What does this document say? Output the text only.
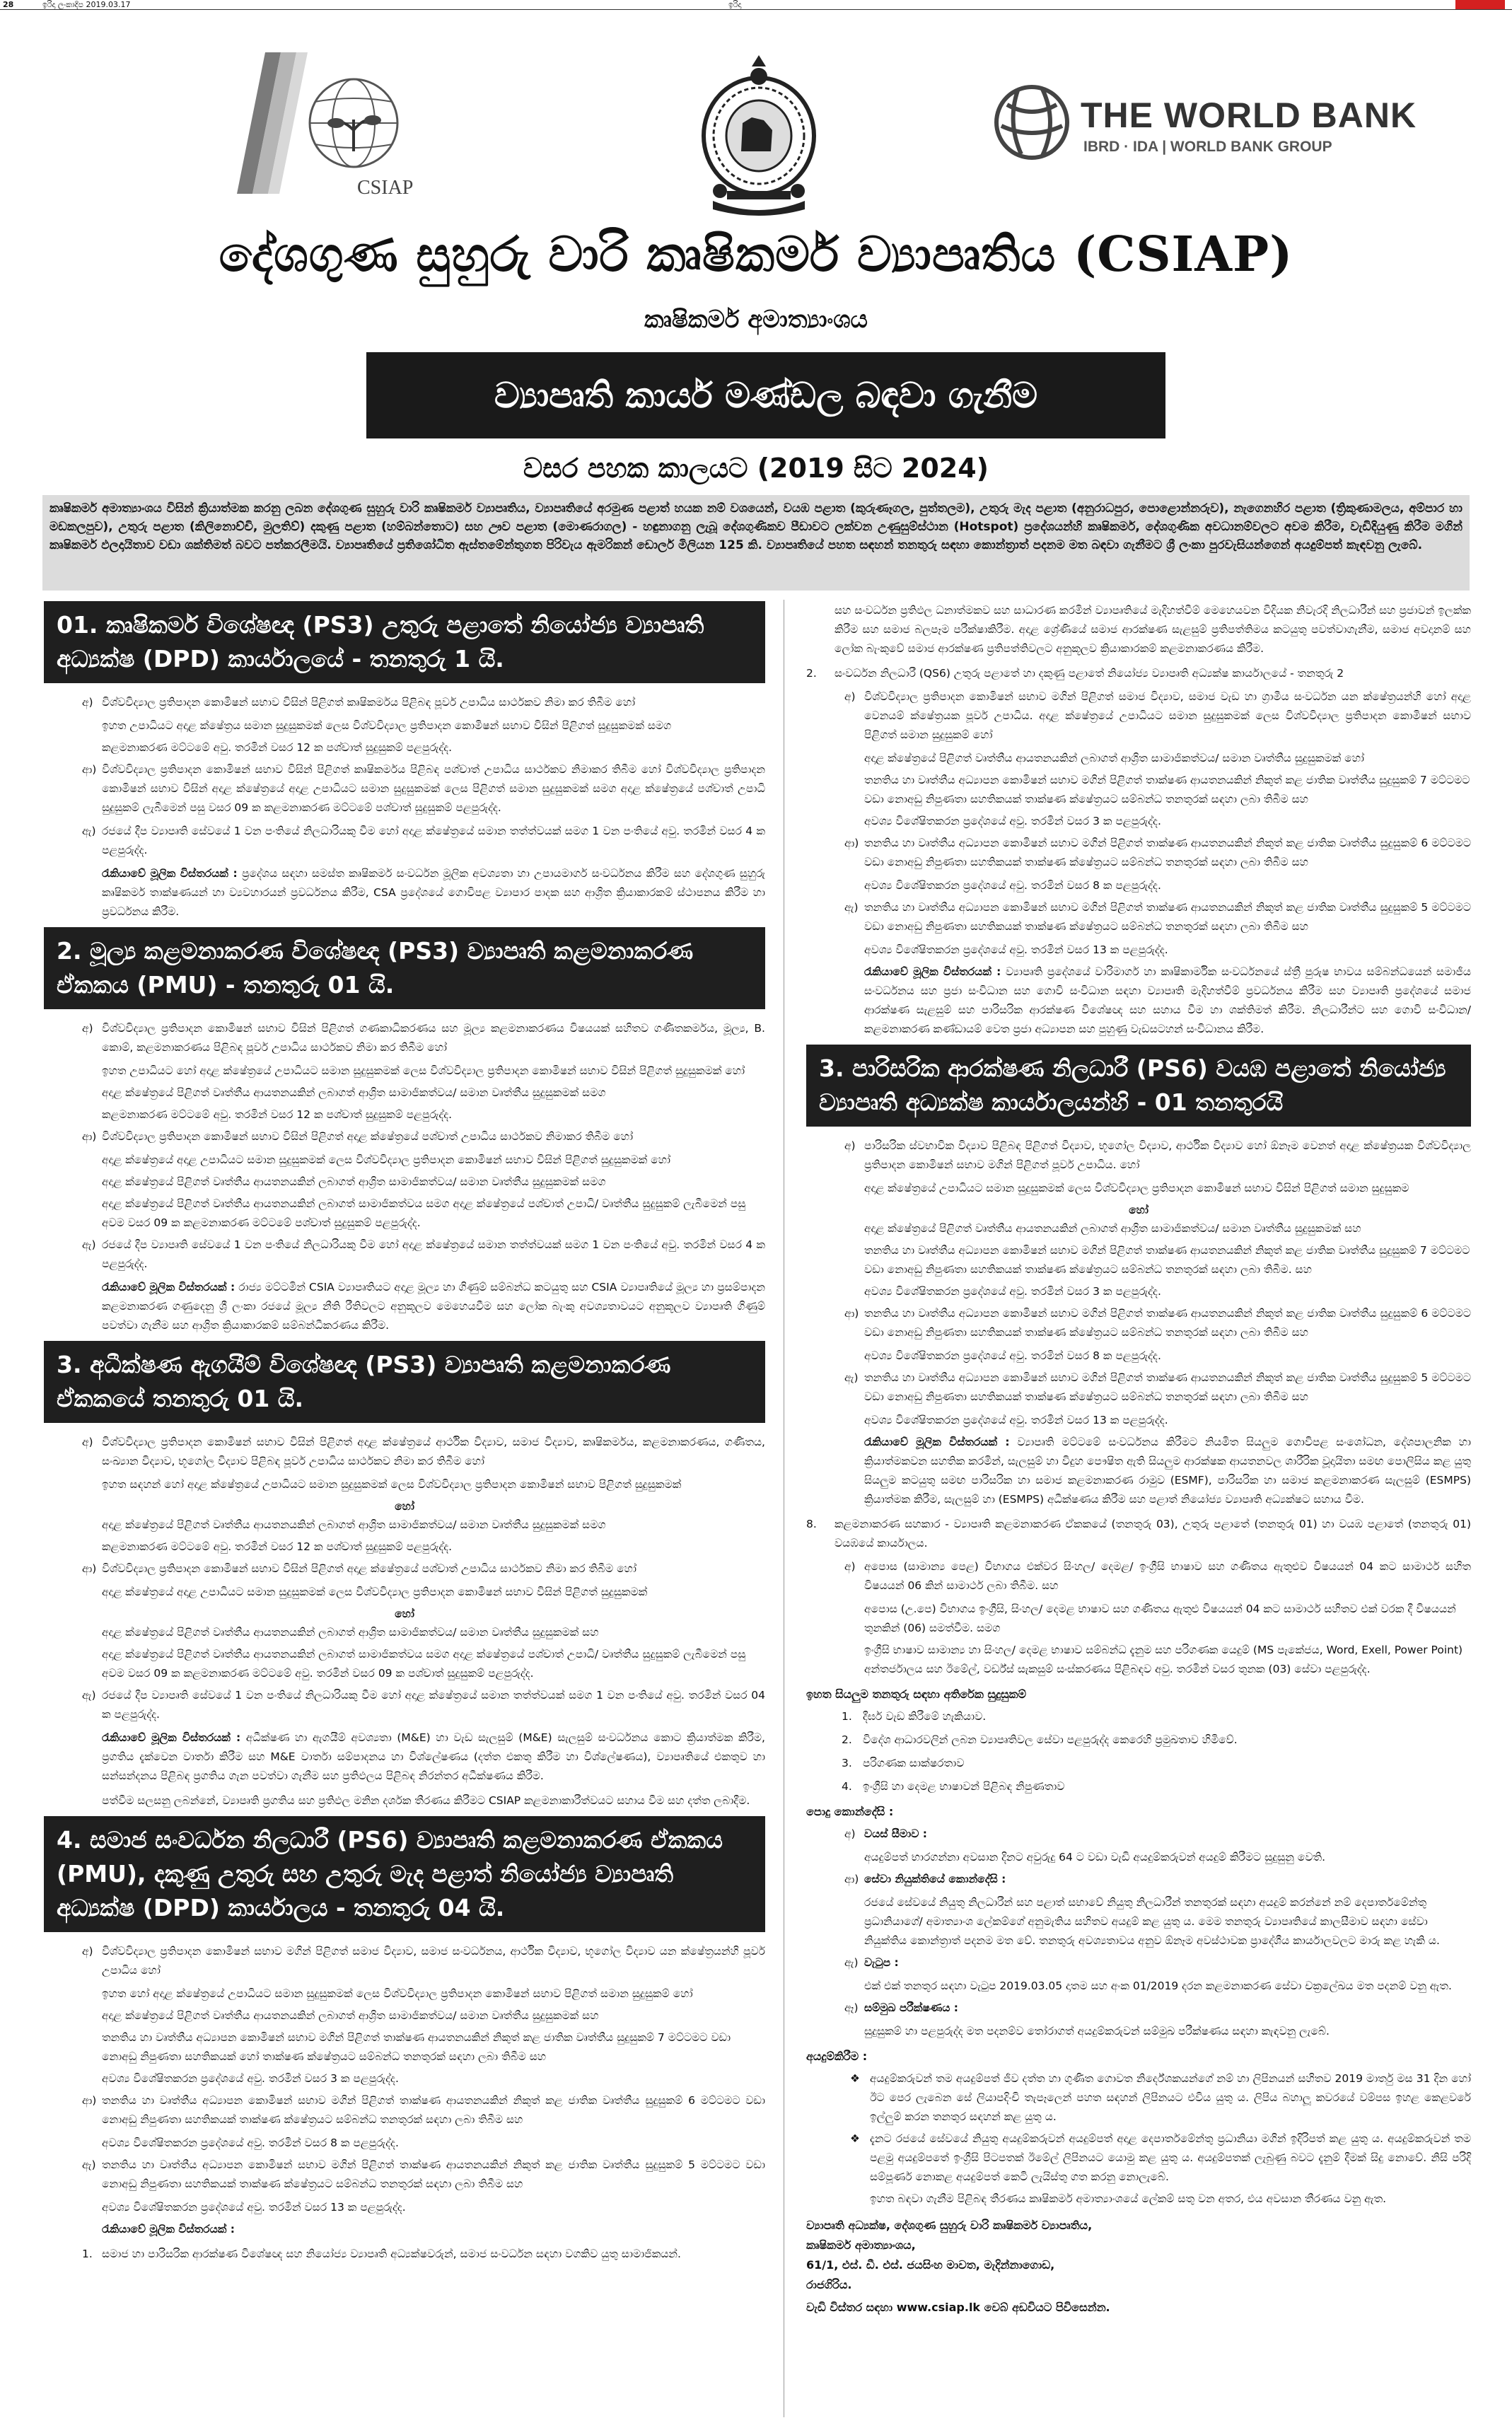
28	ඉරිදා ලංකාදීප 2019.03.17	ඉරිදා
CSIAP
THE WORLD BANK
IBRD · IDA | WORLD BANK GROUP
දේශගුණ සුහුරු වාරි කෘෂිකර්ම ව්‍යාපෘතිය (CSIAP)
කෘෂිකර්ම අමාත්‍යාංශය
ව්‍යාපෘති කාර්ය මණ්ඩල බඳවා ගැනීම
වසර පහක කාලයට (2019 සිට 2024)
කෘෂිකර්ම අමාත්‍යාංශය විසින් ක්‍රියාත්මක කරනු ලබන දේශගුණ සුහුරු වාරි කෘෂිකර්ම ව්‍යාපෘතිය, ව්‍යාපෘතියේ අරමුණ පළාත් හයක නම් වශයෙන්, වයඹ පළාත (කුරුණෑගල, පුත්තලම), උතුරු මැද පළාත (අනුරාධපුර, පොළොන්නරුව), නැගෙනහිර පළාත (ත්‍රිකුණාමලය, අම්පාර හා මඩකලපුව), උතුරු පළාත (කිලිනොච්චි, මුලතිව්) දකුණු පළාත (හම්බන්තොට) සහ ඌව පළාත (මොණරාගල) - හඳුනාගනු ලැබූ දේශගුණිකව පීඩාවට ලක්වන උණුසුම්ස්ථාන (Hotspot) ප්‍රදේශයන්හි කෘෂිකර්ම, දේශගුණික අවධානම්වලට අවම කිරීම, වැඩිදියුණු කිරීම මගින් කෘෂිකර්ම ඵලදායිතාව වඩා ශක්තිමත් බවට පත්කරලීමයි. ව්‍යාපෘතියේ ප්‍රතිශෝධිත ඇස්තමේන්තුගත පිරිවැය ඇමරිකන් ඩොලර් මිලියන 125 කි. ව්‍යාපෘතියේ පහත සඳහන් තනතුරු සඳහා කොන්ත්‍රාත් පදනම මත බඳවා ගැනීමට ශ්‍රී ලංකා පුරවැසියන්ගෙන් අයදුම්පත් කැඳවනු ලැබේ.
01. කෘෂිකර්ම විශේෂඥ (PS3) උතුරු පළාතේ නියෝජ්‍ය ව්‍යාපෘති අධ්‍යක්ෂ (DPD) කාර්යාලයේ - තනතුරු 1 යි.
අ) විශ්වවිද්‍යාල ප්‍රතිපාදන කොමිෂන් සභාව විසින් පිළිගත් කෘෂිකර්මය පිළිබඳ පූර්ව උපාධිය සාර්ථකව නිමා කර තිබීම හෝ
ඉහත උපාධියට අදාළ ක්ෂේත්‍රය සමාන සුදුසුකමක් ලෙස විශ්වවිද්‍යාල ප්‍රතිපාදන කොමිෂන් සභාව විසින් පිළිගත් සුදුසුකමක් සමග
කළමනාකරණ මට්ටමේ අවු. තරමින් වසර 12 ක පශ්චාත් සුදුසුකම් පළපුරුද්ද.
ආ) විශ්වවිද්‍යාල ප්‍රතිපාදන කොමිෂන් සභාව විසින් පිළිගත් කෘෂිකර්මය පිළිබඳ පශ්චාත් උපාධිය සාර්ථකව නිමාකර තිබීම හෝ විශ්වවිද්‍යාල ප්‍රතිපාදන කොමිෂන් සභාව විසින් අදාළ ක්ෂේත්‍රයේ අදාළ උපාධියට සමාන සුදුසුකමක් ලෙස පිළිගත් සමාන සුදුසුකමක් සමග අදාළ ක්ෂේත්‍රයේ පශ්චාත් උපාධි සුදුසුකම් ලැබීමෙන් පසු වසර 09 ක කළමනාකරණ මට්ටමේ පශ්චාත් සුදුසුකම් පළපුරුද්ද.
ඇ) රජයේ දීප ව්‍යාපෘති සේවයේ 1 වන පංතියේ නිලධාරියකු වීම හෝ අදාළ ක්ෂේත්‍රයේ සමාන තත්ත්වයක් සමග 1 වන පංතියේ අවු. තරමින් වසර 4 ක පළපුරුද්ද.
රැකියාවේ මූලික විස්තරයක් : ප්‍රදේශය සඳහා සමස්ත කෘෂිකර්ම සංවර්ධන මූලික අවශ්‍යතා හා උපායමාර්ග සංවර්ධනය කිරීම සහ දේශගුණ සුහුරු කෘෂිකර්ම තාක්ෂණයන් හා ව්‍යවහාරයන් ප්‍රවර්ධනය කිරීම, CSA ප්‍රදේශයේ ගොවිපළ ව්‍යාපාර පාදක සහ ආශ්‍රිත ක්‍රියාකාරකම් ස්ථාපනය කිරීම හා ප්‍රවර්ධනය කිරීම.
2. මූල්‍ය කළමනාකරණ විශේෂඥ (PS3) ව්‍යාපෘති කළමනාකරණ ඒකකය (PMU) - තනතුරු 01 යි.
අ) විශ්වවිද්‍යාල ප්‍රතිපාදන කොමිෂන් සභාව විසින් පිළිගත් ගණකාධිකරණය සහ මූල්‍ය කළමනාකරණය විෂයයක් සහිතව ගණිතකර්මය, මූල්‍ය, B. කොම්, කළමනාකරණය පිළිබඳ පූර්ව උපාධිය සාර්ථකව නිමා කර තිබීම හෝ
ඉහත උපාධියට හෝ අදාළ ක්ෂේත්‍රයේ උපාධියට සමාන සුදුසුකමක් ලෙස විශ්වවිද්‍යාල ප්‍රතිපාදන කොමිෂන් සභාව විසින් පිළිගත් සුදුසුකමක් හෝ
අදාළ ක්ෂේත්‍රයේ පිළිගත් වෘත්තීය ආයතනයකින් ලබාගත් ආශ්‍රිත සාමාජිකත්වය/ සමාන වෘත්තීය සුදුසුකමක් සමග
කළමනාකරණ මට්ටමේ අවු. තරමින් වසර 12 ක පශ්චාත් සුදුසුකම් පළපුරුද්ද.
ආ) විශ්වවිද්‍යාල ප්‍රතිපාදන කොමිෂන් සභාව විසින් පිළිගත් අදාළ ක්ෂේත්‍රයේ පශ්චාත් උපාධිය සාර්ථකව නිමාකර තිබීම හෝ
අදාළ ක්ෂේත්‍රයේ අදාළ උපාධියට සමාන සුදුසුකමක් ලෙස විශ්වවිද්‍යාල ප්‍රතිපාදන කොමිෂන් සභාව විසින් පිළිගත් සුදුසුකමක් හෝ
අදාළ ක්ෂේත්‍රයේ පිළිගත් වෘත්තීය ආයතනයකින් ලබාගත් ආශ්‍රිත සාමාජිකත්වය/ සමාන වෘත්තීය සුදුසුකමක් සමග
අදාළ ක්ෂේත්‍රයේ පිළිගත් වෘත්තීය ආයතනයකින් ලබාගත් සාමාජිකත්වය සමග අදාළ ක්ෂේත්‍රයේ පශ්චාත් උපාධි/ වෘත්තීය සුදුසුකම් ලැබීමෙන් පසු අවම වසර 09 ක කළමනාකරණ මට්ටමේ පශ්චාත් සුදුසුකම් පළපුරුද්ද.
ඇ) රජයේ දීප ව්‍යාපෘති සේවයේ 1 වන පංතියේ නිලධාරියකු වීම හෝ අදාළ ක්ෂේත්‍රයේ සමාන තත්ත්වයක් සමග 1 වන පංතියේ අවු. තරමින් වසර 4 ක පළපුරුද්ද.
රැකියාවේ මූලික විස්තරයක් : රාජ්‍ය මට්ටමින් CSIA ව්‍යාපෘතියට අදාළ මූල්‍ය හා ගිණුම් සම්බන්ධ කටයුතු සහ CSIA ව්‍යාපෘතියේ මූල්‍ය හා ප්‍රසම්පාදන කළමනාකරණ ගණුදෙනු ශ්‍රී ලංකා රජයේ මූල්‍ය නීති රීතිවලට අනුකූලව මෙහෙයවීම සහ ලෝක බැංකු අවශ්‍යතාවයට අනුකූලව ව්‍යාපෘති ගිණුම් පවත්වා ගැනීම සහ ආශ්‍රිත ක්‍රියාකාරකම් සම්බන්ධීකරණය කිරීම.
3. අධීක්ෂණ ඇගයීම් විශේෂඥ (PS3) ව්‍යාපෘති කළමනාකරණ ඒකකයේ තනතුරු 01 යි.
අ) විශ්වවිද්‍යාල ප්‍රතිපාදන කොමිෂන් සභාව විසින් පිළිගත් අදාළ ක්ෂේත්‍රයේ ආර්ථික විද්‍යාව, සමාජ විද්‍යාව, කෘෂිකර්මය, කළමනාකරණය, ගණිතය, සංඛ්‍යාන විද්‍යාව, භූගෝල විද්‍යාව පිළිබඳ පූර්ව උපාධිය සාර්ථකව නිමා කර තිබීම හෝ
ඉහත සඳහන් හෝ අදාළ ක්ෂේත්‍රයේ උපාධියට සමාන සුදුසුකමක් ලෙස විශ්වවිද්‍යාල ප්‍රතිපාදන කොමිෂන් සභාව පිළිගත් සුදුසුකමක්
හෝ
අදාළ ක්ෂේත්‍රයේ පිළිගත් වෘත්තීය ආයතනයකින් ලබාගත් ආශ්‍රිත සාමාජිකත්වය/ සමාන වෘත්තීය සුදුසුකමක් සමග
කළමනාකරණ මට්ටමේ අවු. තරමින් වසර 12 ක පශ්චාත් සුදුසුකම් පළපුරුද්ද.
ආ) විශ්වවිද්‍යාල ප්‍රතිපාදන කොමිෂන් සභාව විසින් පිළිගත් අදාළ ක්ෂේත්‍රයේ පශ්චාත් උපාධිය සාර්ථකව නිමා කර තිබීම හෝ
අදාළ ක්ෂේත්‍රයේ අදාළ උපාධියට සමාන සුදුසුකමක් ලෙස විශ්වවිද්‍යාල ප්‍රතිපාදන කොමිෂන් සභාව විසින් පිළිගත් සුදුසුකමක්
හෝ
අදාළ ක්ෂේත්‍රයේ පිළිගත් වෘත්තීය ආයතනයකින් ලබාගත් ආශ්‍රිත සාමාජිකත්වය/ සමාන වෘත්තීය සුදුසුකමක් සහ
අදාළ ක්ෂේත්‍රයේ පිළිගත් වෘත්තීය ආයතනයකින් ලබාගත් සාමාජිකත්වය සමග අදාළ ක්ෂේත්‍රයේ පශ්චාත් උපාධි/ වෘත්තීය සුදුසුකම් ලැබීමෙන් පසු අවම වසර 09 ක කළමනාකරණ මට්ටමේ අවු. තරමින් වසර 09 ක පශ්චාත් සුදුසුකම් පළපුරුද්ද.
ඇ) රජයේ දීප ව්‍යාපෘති සේවයේ 1 වන පංතියේ නිලධාරියකු වීම හෝ අදාළ ක්ෂේත්‍රයේ සමාන තත්ත්වයක් සමග 1 වන පංතියේ අවු. තරමින් වසර 04 ක පළපුරුද්ද.
රැකියාවේ මූලික විස්තරයක් : අධීක්ෂණ හා ඇගයීම් අවශ්‍යතා (M&E) හා වැඩ සැලසුම් (M&E) සැලසුම් සංවර්ධනය කොට ක්‍රියාත්මක කිරීම, ප්‍රගතිය දැක්වෙන වාර්තා කිරීම සහ M&E වාර්තා සම්පාදනය හා විශ්ලේෂණය (දත්ත එකතු කිරීම හා විශ්ලේෂණය), ව්‍යාපෘතියේ එකතුව හා සන්සන්දනය පිළිබඳ ප්‍රගතිය ගැන පවත්වා ගැනීම සහ ප්‍රතිඵලය පිළිබඳ නිරන්තර අධීක්ෂණය කිරීම.
පත්වීම සලසනු ලබන්නේ, ව්‍යාපෘති ප්‍රගතිය සහ ප්‍රතිඵල මනින දර්ශක තීරණය කිරීමට CSIAP කළමනාකාරීත්වයට සහාය වීම සහ දත්ත ලබාදීම.
4. සමාජ සංවර්ධන නිලධාරී (PS6) ව්‍යාපෘති කළමනාකරණ ඒකකය (PMU), දකුණු උතුරු සහ උතුරු මැද පළාත් නියෝජ්‍ය ව්‍යාපෘති අධ්‍යක්ෂ (DPD) කාර්යාලය - තනතුරු 04 යි.
අ) විශ්වවිද්‍යාල ප්‍රතිපාදන කොමිෂන් සභාව මගින් පිළිගත් සමාජ විද්‍යාව, සමාජ සංවර්ධනය, ආර්ථික විද්‍යාව, භූගෝල විද්‍යාව යන ක්ෂේත්‍රයන්හි පූර්ව උපාධිය හෝ
ඉහත හෝ අදාළ ක්ෂේත්‍රයේ උපාධියට සමාන සුදුසුකමක් ලෙස විශ්වවිද්‍යාල ප්‍රතිපාදන කොමිෂන් සභාව පිළිගත් සමාන සුදුසුකම් හෝ
අදාළ ක්ෂේත්‍රයේ පිළිගත් වෘත්තීය ආයතනයකින් ලබාගත් ආශ්‍රිත සාමාජිකත්වය/ සමාන වෘත්තීය සුදුසුකමක් සහ
තනතිය හා වෘත්තීය අධ්‍යාපන කොමිෂන් සභාව මගින් පිළිගත් තාක්ෂණ ආයතනයකින් නිකුත් කළ ජාතික වෘත්තීය සුදුසුකම් 7 මට්ටමට වඩා නොඅඩු නිපුණතා සහතිකයක් හෝ තාක්ෂණ ක්ෂේත්‍රයට සම්බන්ධ තනතුරක් සඳහා ලබා තිබීම සහ
අවශ්‍ය විශේෂිතකරන ප්‍රදේශයේ අවු. තරමින් වසර 3 ක පළපුරුද්ද.
ආ) තනතිය හා වෘත්තීය අධ්‍යාපන කොමිෂන් සභාව මගින් පිළිගත් තාක්ෂණ ආයතනයකින් නිකුත් කළ ජාතික වෘත්තීය සුදුසුකම් 6 මට්ටමට වඩා නොඅඩු නිපුණතා සහතිකයක් තාක්ෂණ ක්ෂේත්‍රයට සම්බන්ධ තනතුරක් සඳහා ලබා තිබීම සහ
අවශ්‍ය විශේෂිතකරන ප්‍රදේශයේ අවු. තරමින් වසර 8 ක පළපුරුද්ද.
ඇ) තනතිය හා වෘත්තීය අධ්‍යාපන කොමිෂන් සභාව මගින් පිළිගත් තාක්ෂණ ආයතනයකින් නිකුත් කළ ජාතික වෘත්තීය සුදුසුකම් 5 මට්ටමට වඩා නොඅඩු නිපුණතා සහතිකයක් තාක්ෂණ ක්ෂේත්‍රයට සම්බන්ධ තනතුරක් සඳහා ලබා තිබීම සහ
අවශ්‍ය විශේෂිතකරන ප්‍රදේශයේ අවු. තරමින් වසර 13 ක පළපුරුද්ද.
රැකියාවේ මූලික විස්තරයක් :
1. සමාජ හා පාරිසරික ආරක්ෂණ විශේෂඥ සහ නියෝජ්‍ය ව්‍යාපෘති අධ්‍යක්ෂවරුන්, සමාජ සංවර්ධන සඳහා වගකිව යුතු සාමාජිකයන්.
සහ සංවර්ධන ප්‍රතිඵල ධනාත්මකව සහ සාධාරණ කරමින් ව්‍යාපෘතියේ මැදිහත්වීම් මෙහෙයවන විදියක නිවැරදි නිලධාරීන් සහ ප්‍රජාවන් ඉලක්ක කිරීම සහ සමාජ බලපෑම පරීක්ෂාකිරීම. අදාළ ශ්‍රේණියේ සමාජ ආරක්ෂණ සැළසුම් ප්‍රතිපත්තිමය කටයුතු පවත්වාගැනීම, සමාජ අවදානම් සහ ලෝක බැංකුවේ සමාජ ආරක්ෂණ ප්‍රතිපත්තිවලට අනුකූලව ක්‍රියාකාරකම් කළමනාකරණය කිරීම.
2. සංවර්ධන නිලධාරී (QS6) උතුරු පළාතේ හා දකුණු පළාතේ නියෝජ්‍ය ව්‍යාපෘති අධ්‍යක්ෂ කාර්යාලයේ - තනතුරු 2
අ) විශ්වවිද්‍යාල ප්‍රතිපාදන කොමිෂන් සභාව මගින් පිළිගත් සමාජ විද්‍යාව, සමාජ වැඩ හා ග්‍රාමීය සංවර්ධන යන ක්ෂේත්‍රයන්හි හෝ අදාළ වෙනයම් ක්ෂේත්‍රයක පූර්ව උපාධිය. අදාළ ක්ෂේත්‍රයේ උපාධියට සමාන සුදුසුකමක් ලෙස විශ්වවිද්‍යාල ප්‍රතිපාදන කොමිෂන් සභාව පිළිගත් සමාන සුදුසුකම් හෝ
අදාළ ක්ෂේත්‍රයේ පිළිගත් වෘත්තීය ආයතනයකින් ලබාගත් ආශ්‍රිත සාමාජිකත්වය/ සමාන වෘත්තීය සුදුසුකමක් හෝ
තනතිය හා වෘත්තීය අධ්‍යාපන කොමිෂන් සභාව මගින් පිළිගත් තාක්ෂණ ආයතනයකින් නිකුත් කළ ජාතික වෘත්තීය සුදුසුකම් 7 මට්ටමට වඩා නොඅඩු නිපුණතා සහතිකයක් තාක්ෂණ ක්ෂේත්‍රයට සම්බන්ධ තනතුරක් සඳහා ලබා තිබීම සහ
අවශ්‍ය විශේෂිතකරන ප්‍රදේශයේ අවු. තරමින් වසර 3 ක පළපුරුද්ද.
ආ) තනතිය හා වෘත්තීය අධ්‍යාපන කොමිෂන් සභාව මගින් පිළිගත් තාක්ෂණ ආයතනයකින් නිකුත් කළ ජාතික වෘත්තීය සුදුසුකම් 6 මට්ටමට වඩා නොඅඩු නිපුණතා සහතිකයක් තාක්ෂණ ක්ෂේත්‍රයට සම්බන්ධ තනතුරක් සඳහා ලබා තිබීම සහ
අවශ්‍ය විශේෂිතකරන ප්‍රදේශයේ අවු. තරමින් වසර 8 ක පළපුරුද්ද.
ඇ) තනතිය හා වෘත්තීය අධ්‍යාපන කොමිෂන් සභාව මගින් පිළිගත් තාක්ෂණ ආයතනයකින් නිකුත් කළ ජාතික වෘත්තීය සුදුසුකම් 5 මට්ටමට වඩා නොඅඩු නිපුණතා සහතිකයක් තාක්ෂණ ක්ෂේත්‍රයට සම්බන්ධ තනතුරක් සඳහා ලබා තිබීම සහ
අවශ්‍ය විශේෂිතකරන ප්‍රදේශයේ අවු. තරමින් වසර 13 ක පළපුරුද්ද.
රැකියාවේ මූලික විස්තරයක් : ව්‍යාපෘති ප්‍රදේශයේ වාරිමාර්ග හා කෘෂිකාර්මික සංවර්ධනයේ ස්ත්‍රී පුරුෂ භාවය සම්බන්ධයෙන් සමාජීය සංවර්ධනය සහ ප්‍රජා සංවිධාන සහ ගොවි සංවිධාන සඳහා ව්‍යාපෘති මැදිහත්වීම් ප්‍රවර්ධනය කිරීම සහ ව්‍යාපෘති ප්‍රදේශයේ සමාජ ආරක්ෂණ සැළසුම් සහ පාරිසරික ආරක්ෂණ විශේෂඥ සහ සහාය වීම හා ශක්තිමත් කිරීම. නිලධාරීන්ට සහ ගොවි සංවිධාන/ කළමනාකරණ කණ්ඩායම් වෙත ප්‍රජා අධ්‍යාපන සහ පුහුණු වැඩසටහන් සංවිධානය කිරීම.
3. පාරිසරික ආරක්ෂණ නිලධාරී (PS6) වයඹ පළාතේ නියෝජ්‍ය ව්‍යාපෘති අධ්‍යක්ෂ කාර්යාලයන්හි - 01 තනතුරයි
අ) පාරිසරික ස්වභාවික විද්‍යාව පිළිබඳ පිළිගත් විද්‍යාව, භූගෝල විද්‍යාව, ආර්ථික විද්‍යාව හෝ ඕනෑම වෙනත් අදාළ ක්ෂේත්‍රයක විශ්වවිද්‍යාල ප්‍රතිපාදන කොමිෂන් සභාව මගින් පිළිගත් පූර්ව උපාධිය. හෝ
අදාළ ක්ෂේත්‍රයේ උපාධියට සමාන සුදුසුකමක් ලෙස විශ්වවිද්‍යාල ප්‍රතිපාදන කොමිෂන් සභාව විසින් පිළිගත් සමාන සුදුසුකම
හෝ
අදාළ ක්ෂේත්‍රයේ පිළිගත් වෘත්තීය ආයතනයකින් ලබාගත් ආශ්‍රිත සාමාජිකත්වය/ සමාන වෘත්තීය සුදුසුකමක් සහ
තනතිය හා වෘත්තීය අධ්‍යාපන කොමිෂන් සභාව මගින් පිළිගත් තාක්ෂණ ආයතනයකින් නිකුත් කළ ජාතික වෘත්තීය සුදුසුකම් 7 මට්ටමට වඩා නොඅඩු නිපුණතා සහතිකයක් තාක්ෂණ ක්ෂේත්‍රයට සම්බන්ධ තනතුරක් සඳහා ලබා තිබීම. සහ
අවශ්‍ය විශේෂිතකරන ප්‍රදේශයේ අවු. තරමින් වසර 3 ක පළපුරුද්ද.
ආ) තනතිය හා වෘත්තීය අධ්‍යාපන කොමිෂන් සභාව මගින් පිළිගත් තාක්ෂණ ආයතනයකින් නිකුත් කළ ජාතික වෘත්තීය සුදුසුකම් 6 මට්ටමට වඩා නොඅඩු නිපුණතා සහතිකයක් තාක්ෂණ ක්ෂේත්‍රයට සම්බන්ධ තනතුරක් සඳහා ලබා තිබීම සහ
අවශ්‍ය විශේෂිතකරන ප්‍රදේශයේ අවු. තරමින් වසර 8 ක පළපුරුද්ද.
ඇ) තනතිය හා වෘත්තීය අධ්‍යාපන කොමිෂන් සභාව මගින් පිළිගත් තාක්ෂණ ආයතනයකින් නිකුත් කළ ජාතික වෘත්තීය සුදුසුකම් 5 මට්ටමට වඩා නොඅඩු නිපුණතා සහතිකයක් තාක්ෂණ ක්ෂේත්‍රයට සම්බන්ධ තනතුරක් සඳහා ලබා තිබීම සහ
අවශ්‍ය විශේෂිතකරන ප්‍රදේශයේ අවු. තරමින් වසර 13 ක පළපුරුද්ද.
රැකියාවේ මූලික විස්තරයක් : ව්‍යාපෘති මට්ටමේ සංවර්ධනය කිරීමට නියමිත සියලුම ගොවිපළ සංශෝධන, දේශපාලනික හා ක්‍රියාත්මකවන සහතික කරමින්, සැලසුම් හා විදුහ පෞෂිත ඇති සියලුම ආරක්ෂක ආයතනවල ශාරීරික වූදායිතා සමඟ පොලිසිය කළ යුතු සියලුම කටයුතු සමඟ පාරිසරික හා සමාජ කළමනාකරණ රාමුව (ESMF), පාරිසරික හා සමාජ කළමනාකරණ සැලසුම් (ESMPS) ක්‍රියාත්මක කිරීම, සැලසුම් හා (ESMPS) අධීක්ෂණය කිරීම සහ පළාත් නියෝජ්‍ය ව්‍යාපෘති අධ්‍යක්ෂට සහාය වීම.
8. කළමනාකරණ සහකාර - ව්‍යාපෘති කළමනාකරණ ඒකකයේ (තනතුරු 03), උතුරු පළාතේ (තනතුරු 01) හා වයඹ පළාතේ (තනතුරු 01) වයඹයේ කාර්යාලය.
අ) අපොස (සාමාන්‍ය පෙළ) විභාගය එක්වර සිංහල/ දෙමළ/ ඉංග්‍රීසි භාෂාව සහ ගණිතය ඇතුළුව විෂයයන් 04 කට සාමාර්ථ සහිත විෂයයන් 06 කින් සාමාර්ථ ලබා තිබීම. සහ
අපොස (උ.පෙ) විභාගය ඉංග්‍රීසි, සිංහල/ දෙමළ භාෂාව සහ ගණිතය ඇතුළු විෂයයන් 04 කට සාමාර්ථ සහිතව එක් වරක දී විෂයයන් තුනකින් (06) සමත්වීම. සමග
ඉංග්‍රීසි භාෂාව සාමාන්‍ය හා සිංහල/ දෙමළ භාෂාව සම්බන්ධ දැනුම සහ පරිගණක යෙදුම් (MS පැකේජය, Word, Exell, Power Point) අන්තර්ජාලය සහ ඊමේල්, වර්ඩ්ස් සැකසුම් සංස්කරණය පිළිබඳව අවු. තරමින් වසර තුනක (03) සේවා පළපුරුද්ද.
ඉහත සියලුම තනතුරු සඳහා අතිරේක සුදුසුකම්
1. දීර්ඝ වැඩ කිරීමේ හැකියාව.
2. විදේශ ආධාරවලින් ලබන ව්‍යාපෘතිවල සේවා පළපුරුද්ද කෙරෙහි ප්‍රමුඛතාව හිමිවේ.
3. පරිගණක සාක්ෂරතාව
4. ඉංග්‍රීසි හා දෙමළ භාෂාවන් පිළිබඳ නිපුණතාව
පොදු කොන්දේසි :
අ) වයස් සීමාව :
අයදුම්පත් භාරගන්නා අවසාන දිනට අවුරුදු 64 ට වඩා වැඩි අයදුම්කරුවන් අයදුම් කිරීමට සුදුසුනු වෙති.
ආ) සේවා නියුක්තියේ කොන්දේසි :
රජයේ සේවයේ නියුතු නිලධාරීන් සහ පළාත් සභාවේ නියුතු නිලධාරීන් තනතුරක් සඳහා අයදුම් කරන්නේ නම් දෙපාර්තමේන්තු ප්‍රධානියාගේ/ අමාත්‍යාංශ ලේකම්ගේ අනුමැතිය සහිතව අයදුම් කළ යුතු ය. මෙම තනතුරු ව්‍යාපෘතියේ කාලසීමාව සඳහා සේවා නියුක්තිය කොන්ත්‍රාත් පදනම මත වේ. තනතුරු අවශ්‍යතාවය අනුව ඕනෑම අවස්ථාවක ප්‍රාදේශීය කාර්යාලවලට මාරු කළ හැකි ය.
ඇ) වැටුප :
එක් එක් තනතුර සඳහා වැටුප 2019.03.05 දාතම සහ අංක 01/2019 දරන කළමනාකරණ සේවා චක්‍රලේඛය මත පදනම් වනු ඇත.
ඈ) සම්මුඛ පරීක්ෂණය :
සුදුසුකම් හා පළපුරුද්ද මත පදනම්ව තෝරාගත් අයදුම්කරුවන් සම්මුඛ පරීක්ෂණය සඳහා කැඳවනු ලැබේ.
අයදුම්කිරීම :
❖ අයදුම්කරුවන් තම අයදුම්පත් ජීව දත්ත හා ගුණිත ගොවත නිර්දේශකයන්ගේ නම් හා ලිපිනයන් සහිතව 2019 මාර්තු මස 31 දින හෝ ඊට පෙර ලැබෙන සේ ලියාපදිංචි තැපෑලෙන් පහත සඳහන් ලිපිනයට එවිය යුතු ය. ලිපිය බහාලූ කවරයේ වම්පස ඉහළ කෙළවරේ ඉල්ලුම් කරන තනතුර සඳහන් කළ යුතු ය.
❖ දැනට රජයේ සේවයේ නියුතු අයදුම්කරුවන් අයදුම්පත් අදාළ දෙපාර්තමේන්තු ප්‍රධානියා මගින් ඉදිරිපත් කළ යුතු ය. අයදුම්කරුවන් තම පළමු අයදුම්පතේ ඉංග්‍රීසි පිටපතක් ඊමේල් ලිපිනයට යොමු කළ යුතු ය. අයදුම්පතක් ලැබුණු බවට දැනුම් දීමක් සිදු නොවේ. නිසි පරිදි සම්පූර්ණ නොකළ අයදුම්පත් කෙටි ලැයිස්තු ගත කරනු නොලැබේ.
ඉහත බඳවා ගැනීම පිළිබඳ තීරණය කෘෂිකර්ම අමාත්‍යාංශයේ ලේකම් සතු වන අතර, එය අවසාන තීරණය වනු ඇත.
ව්‍යාපෘති අධ්‍යක්ෂ, දේශගුණ සුහුරු වාරි කෘෂිකර්ම ව්‍යාපෘතිය,
කෘෂිකර්ම අමාත්‍යාංශය,
61/1, එස්. ඩී. එස්. ජයසිංහ මාවත, මැදින්නාගොඩ,
රාජගිරිය.
වැඩි විස්තර සඳහා www.csiap.lk වෙබ් අඩවියට පිවිසෙන්න.
